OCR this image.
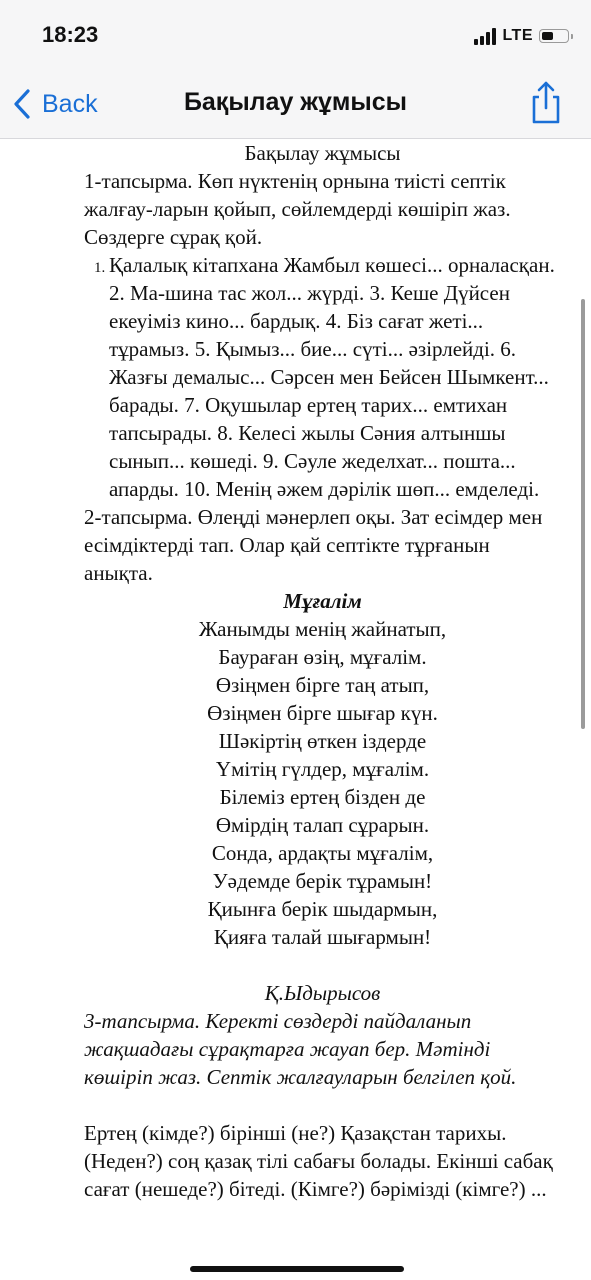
18:23	LTE
Back	Бақылау жұмысы

Бақылау жұмысы

1-тапсырма. Көп нүктенің орнына тиісті септік жалғау-ларын қойып, сөйлемдерді көшіріп жаз. Сөздерге сұрақ қой.

1. Қалалық кітапхана Жамбыл көшесі... орналасқан. 2. Ма-шина тас жол... жүрді. 3. Кеше Дүйсен екеуіміз кино... бардық. 4. Біз сағат жеті... тұрамыз. 5. Қымыз... бие... сүті... әзірлейді. 6. Жазғы демалыс... Сәрсен мен Бейсен Шымкент... барады. 7. Оқушылар ертең тарих... емтихан тапсырады. 8. Келесі жылы Сәния алтыншы сынып... көшеді. 9. Сәуле жеделхат... пошта... апарды. 10. Менің әжем дәрілік шөп... емделеді.

2-тапсырма. Өлеңді мәнерлеп оқы. Зат есімдер мен есімдіктерді тап. Олар қай септікте тұрғанын анықта.

Мұғалім

Жанымды менің жайнатып,

Баураған өзің, мұғалім.

Өзіңмен бірге таң атып,

Өзіңмен бірге шығар күн.

Шәкіртің өткен іздерде

Үмітің гүлдер, мұғалім.

Білеміз ертең бізден де

Өмірдің талап сұрарын.

Сонда, ардақты мұғалім,

Уәдемде берік тұрамын!

Қиынға берік шыдармын,

Қияға талай шығармын!

Қ.Ыдырысов

3-тапсырма. Керекті сөздерді пайдаланып жақшадағы сұрақтарға жауап бер. Мәтінді көшіріп жаз. Септік жалғауларын белгілеп қой.

Ертең (кімде?) бірінші (не?) Қазақстан тарихы. (Неден?) соң қазақ тілі сабағы болады. Екінші сабақ сағат (нешеде?) бітеді. (Кімге?) бәрімізді (кімге?) ...
